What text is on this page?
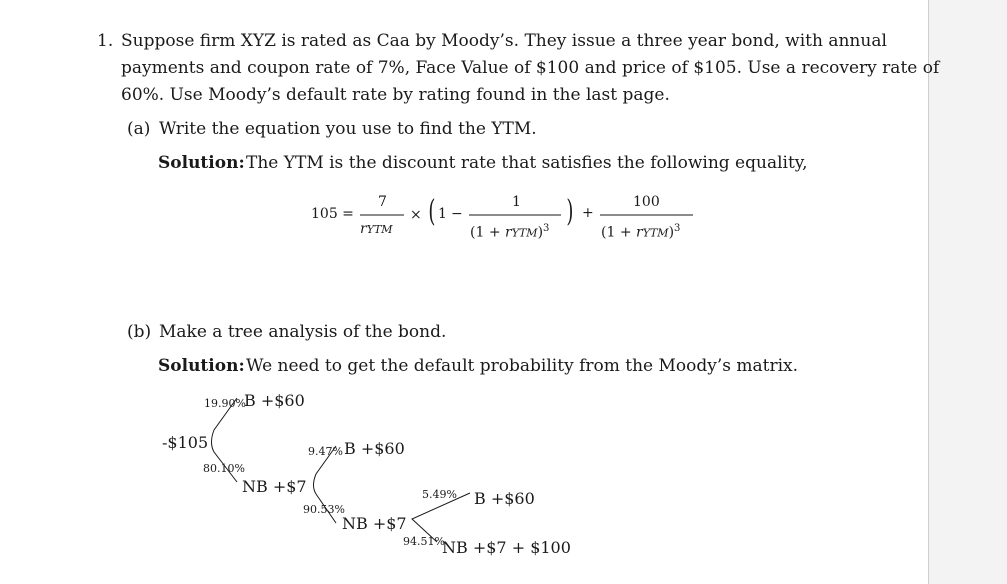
1. Suppose firm XYZ is rated as Caa by Moody’s. They issue a three year bond, with annual
payments and coupon rate of 7%, Face Value of $100 and price of $105. Use a recovery rate of
60%. Use Moody’s default rate by rating found in the last page.
(a) Write the equation you use to find the YTM.
Solution: The YTM is the discount rate that satisfies the following equality,
105 =
7
rYTM
× ( 1 −
1
(1 + rYTM)$^3$ ) +
100
(1 + rYTM)$^3$
(b) Make a tree analysis of the bond.
Solution: We need to get the default probability from the Moody’s matrix.
-$105
19.90%
B +$60
80.10%
NB +$7
9.47% B +$60
90.53%
NB +$7
5.49% B +$60
94.51%
NB +$7 + $100
